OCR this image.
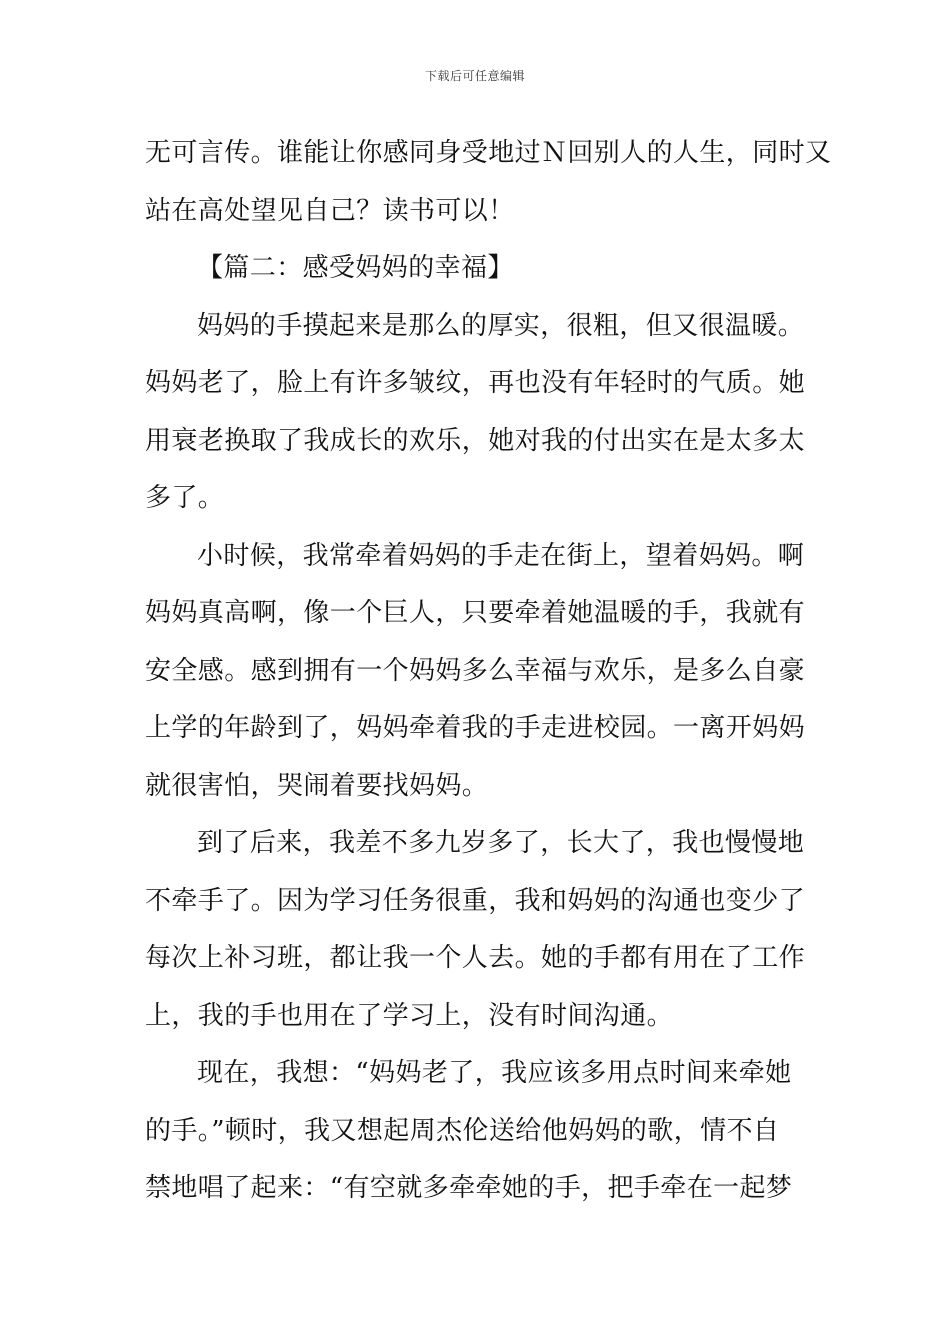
下载后可任意编辑
无可言传。谁能让你感同身受地过Ｎ回别人的人生，同时又
站在高处望见自己？读书可以！
【篇二：感受妈妈的幸福】
妈妈的手摸起来是那么的厚实，很粗，但又很温暖。
妈妈老了，脸上有许多皱纹，再也没有年轻时的气质。她
用衰老换取了我成长的欢乐，她对我的付出实在是太多太
多了。
小时候，我常牵着妈妈的手走在街上，望着妈妈。啊
妈妈真高啊，像一个巨人，只要牵着她温暖的手，我就有
安全感。感到拥有一个妈妈多么幸福与欢乐，是多么自豪
上学的年龄到了，妈妈牵着我的手走进校园。一离开妈妈
就很害怕，哭闹着要找妈妈。
到了后来，我差不多九岁多了，长大了，我也慢慢地
不牵手了。因为学习任务很重，我和妈妈的沟通也变少了
每次上补习班，都让我一个人去。她的手都有用在了工作
上，我的手也用在了学习上，没有时间沟通。
现在，我想：“妈妈老了，我应该多用点时间来牵她
的手。”顿时，我又想起周杰伦送给他妈妈的歌，情不自
禁地唱了起来：“有空就多牵牵她的手，把手牵在一起梦
